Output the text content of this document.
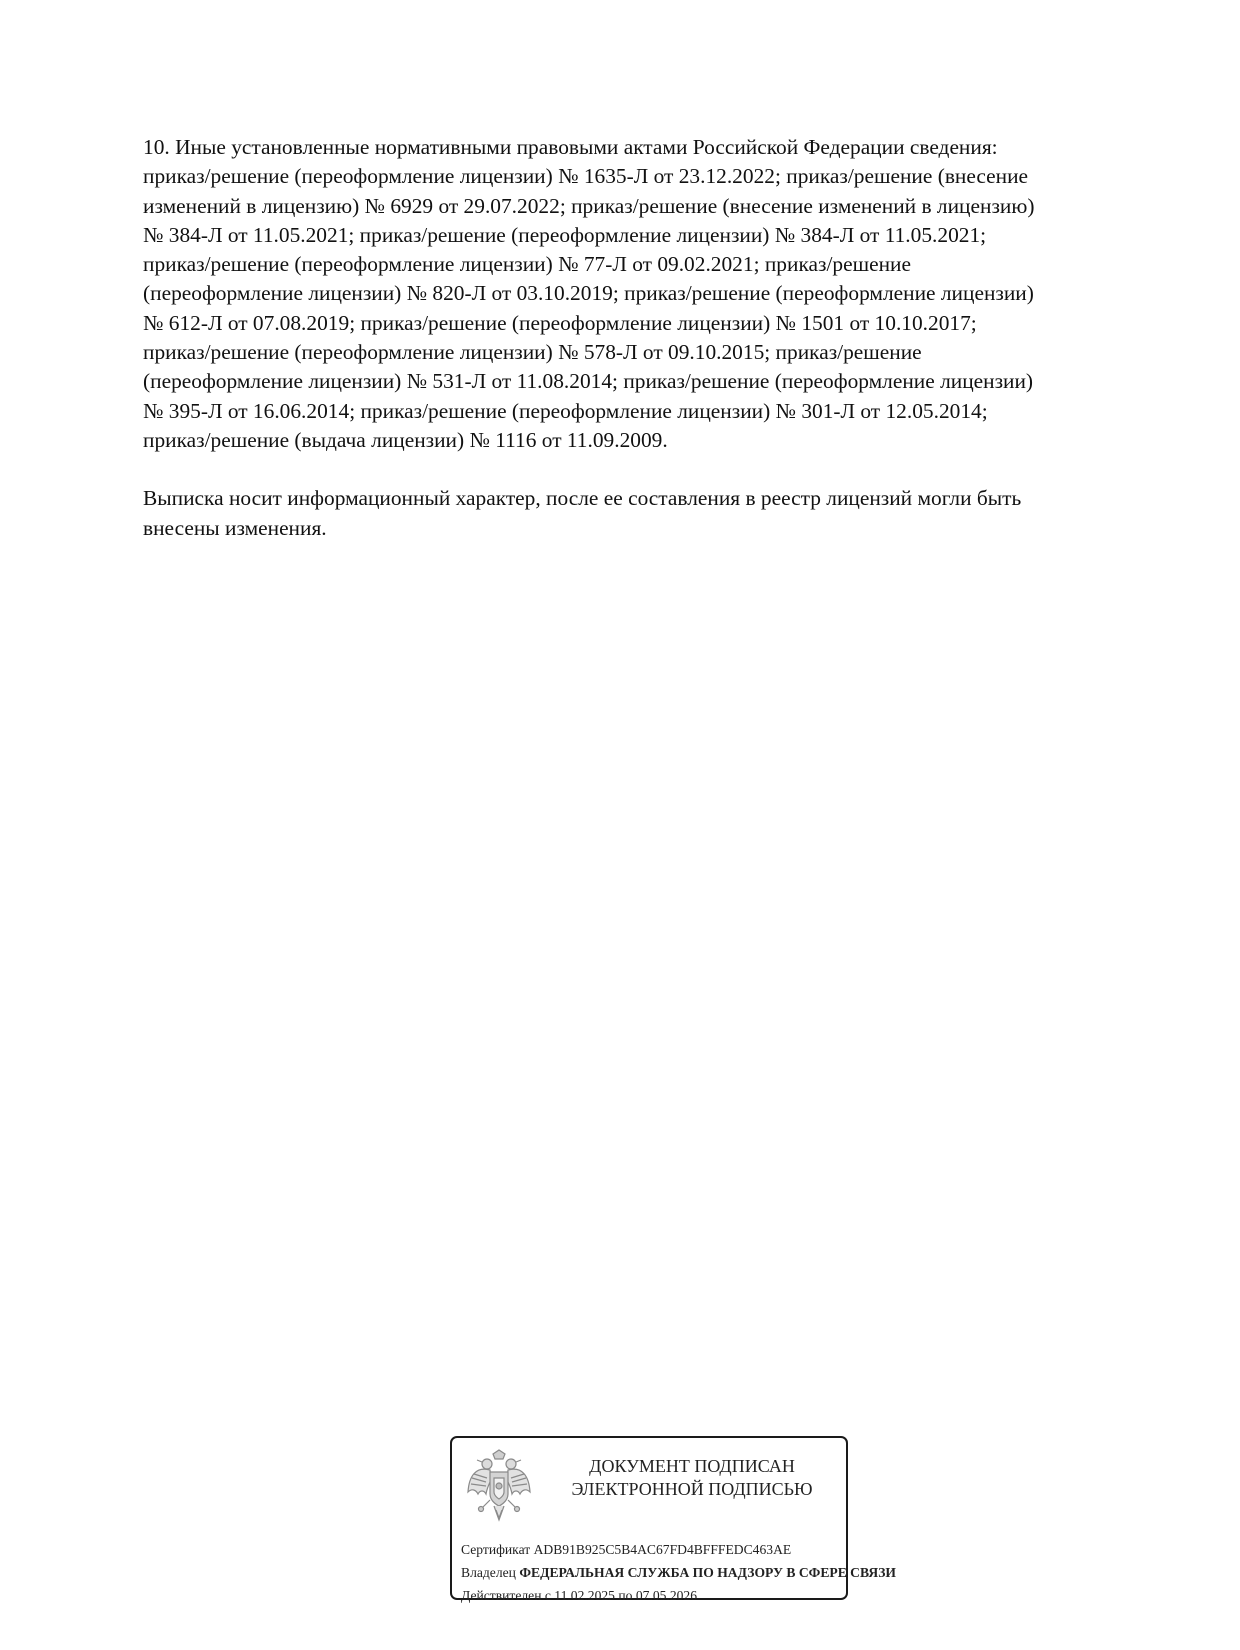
10. Иные установленные нормативными правовыми актами Российской Федерации сведения:
приказ/решение (переоформление лицензии) № 1635-Л от 23.12.2022; приказ/решение (внесение
изменений в лицензию) № 6929 от 29.07.2022; приказ/решение (внесение изменений в лицензию)
№ 384-Л от 11.05.2021; приказ/решение (переоформление лицензии) № 384-Л от 11.05.2021;
приказ/решение (переоформление лицензии) № 77-Л от 09.02.2021; приказ/решение
(переоформление лицензии) № 820-Л от 03.10.2019; приказ/решение (переоформление лицензии)
№ 612-Л от 07.08.2019; приказ/решение (переоформление лицензии) № 1501 от 10.10.2017;
приказ/решение (переоформление лицензии) № 578-Л от 09.10.2015; приказ/решение
(переоформление лицензии) № 531-Л от 11.08.2014; приказ/решение (переоформление лицензии)
№ 395-Л от 16.06.2014; приказ/решение (переоформление лицензии) № 301-Л от 12.05.2014;
приказ/решение (выдача лицензии) № 1116 от 11.09.2009.

Выписка носит информационный характер, после ее составления в реестр лицензий могли быть
внесены изменения.

ДОКУМЕНТ ПОДПИСАН
ЭЛЕКТРОННОЙ ПОДПИСЬЮ
Сертификат ADB91B925C5B4AC67FD4BFFFEDC463AE
Владелец ФЕДЕРАЛЬНАЯ СЛУЖБА ПО НАДЗОРУ В СФЕРЕ СВЯЗИ
Действителен с 11.02.2025 по 07.05.2026
